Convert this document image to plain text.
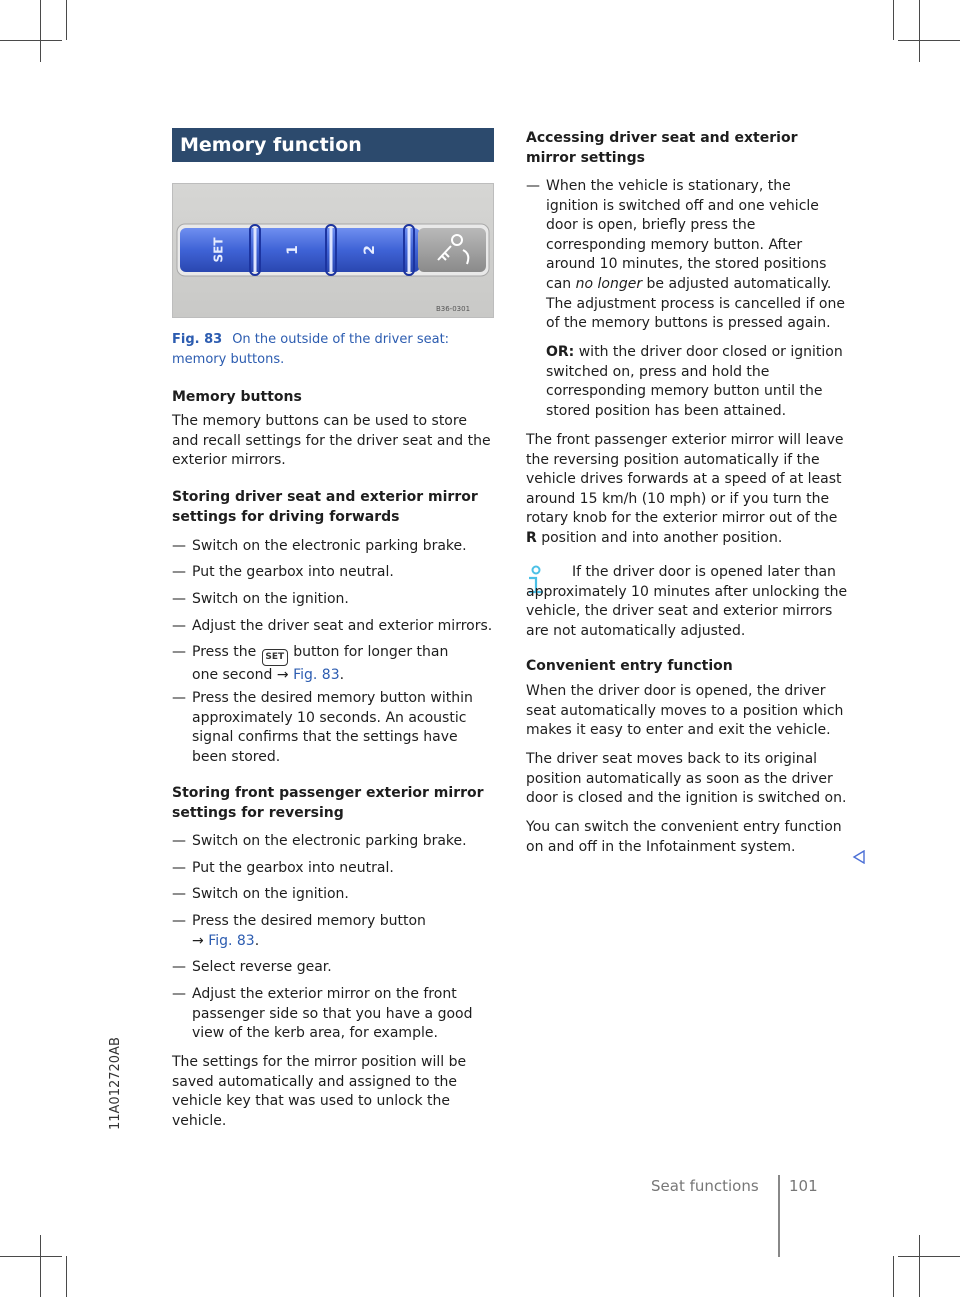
Memory function
SET	1	2
B36-0301
Fig. 83 On the outside of the driver seat: memory buttons.
Memory buttons

The memory buttons can be used to store and recall settings for the driver seat and the exterior mirrors.

Storing driver seat and exterior mirror settings for driving forwards
— Switch on the electronic parking brake.
— Put the gearbox into neutral.
— Switch on the ignition.
— Adjust the driver seat and exterior mirrors.
— Press the SET button for longer than one second → Fig. 83.
— Press the desired memory button within approximately 10 seconds. An acoustic signal confirms that the settings have been stored.
Storing front passenger exterior mirror settings for reversing
— Switch on the electronic parking brake.
— Put the gearbox into neutral.
— Switch on the ignition.
— Press the desired memory button
→ Fig. 83.
— Select reverse gear.
— Adjust the exterior mirror on the front passenger side so that you have a good view of the kerb area, for example.

The settings for the mirror position will be saved automatically and assigned to the vehicle key that was used to unlock the vehicle.

Accessing driver seat and exterior mirror settings
— When the vehicle is stationary, the ignition is switched off and one vehicle door is open, briefly press the corresponding memory button. After around 10 minutes, the stored positions can no longer be adjusted automatically. The adjustment process is cancelled if one of the memory buttons is pressed again.

OR: with the driver door closed or ignition switched on, press and hold the corresponding memory button until the stored position has been attained.

The front passenger exterior mirror will leave the reversing position automatically if the vehicle drives forwards at a speed of at least around 15 km/h (10 mph) or if you turn the rotary knob for the exterior mirror out of the R position and into another position.

If the driver door is opened later than approximately 10 minutes after unlocking the vehicle, the driver seat and exterior mirrors are not automatically adjusted.

Convenient entry function

When the driver door is opened, the driver seat automatically moves to a position which makes it easy to enter and exit the vehicle.

The driver seat moves back to its original position automatically as soon as the driver door is closed and the ignition is switched on.

You can switch the convenient entry function on and off in the Infotainment system.

Seat functions 101
11A012720AB
